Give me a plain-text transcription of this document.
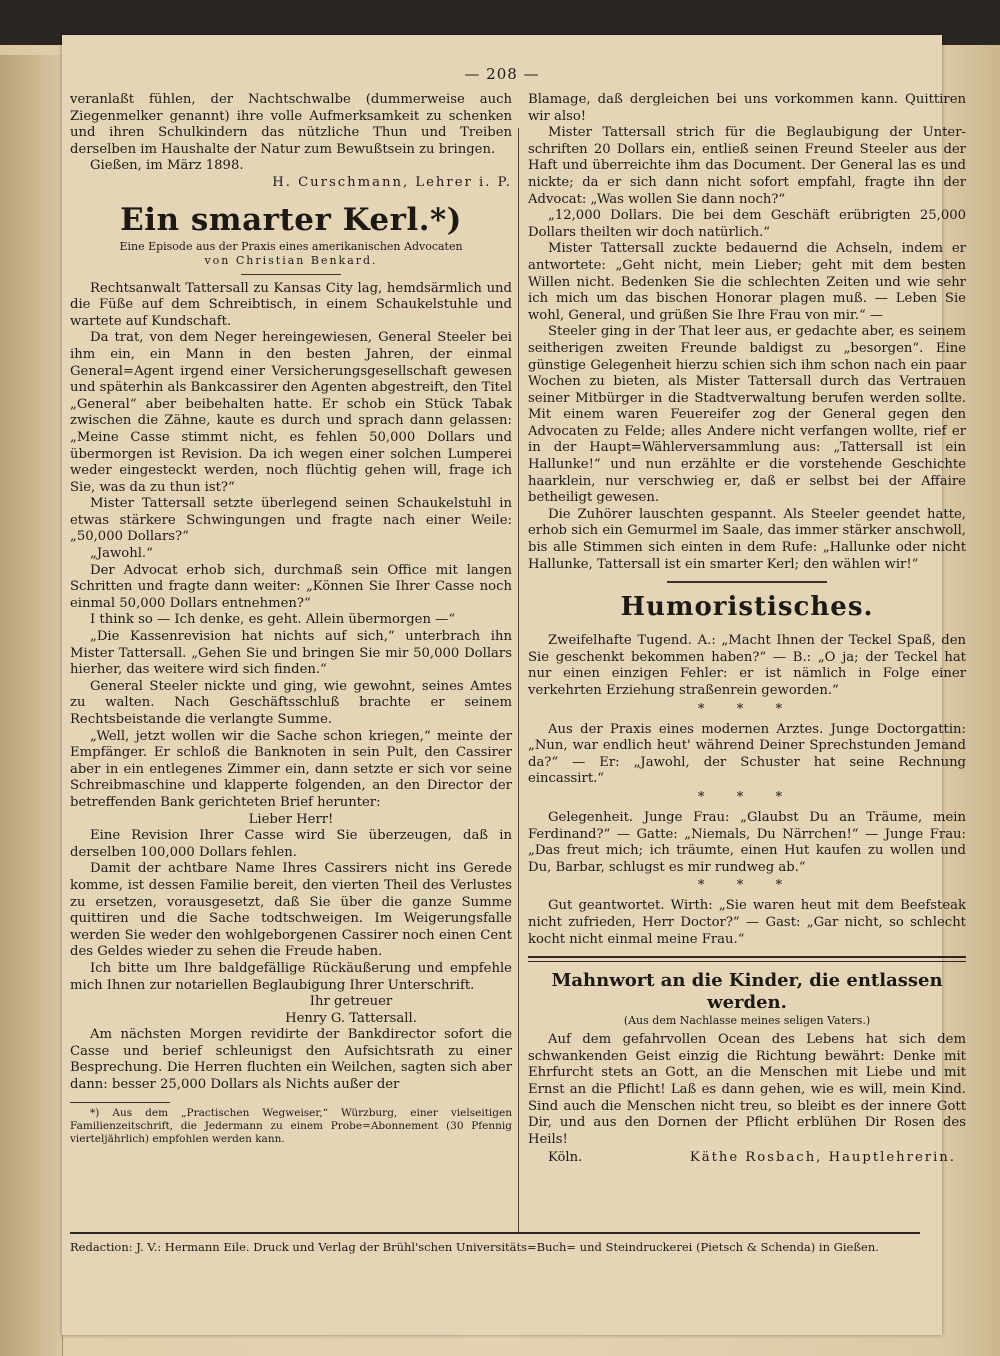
— 208 —

veranlaßt fühlen, der Nachtschwalbe (dummerweise auch Ziegenmelker genannt) ihre volle Aufmerksamkeit zu schenken und ihren Schulkindern das nützliche Thun und Treiben derselben im Haushalte der Natur zum Bewußtsein zu bringen.

Gießen, im März 1898.

H. Curschmann, Lehrer i. P.

Ein smarter Kerl.*)
Eine Episode aus der Praxis eines amerikanischen Advocaten
von Christian Benkard.

Rechtsanwalt Tattersall zu Kansas City lag, hemdsärmlich und die Füße auf dem Schreibtisch, in einem Schaukelstuhle und wartete auf Kundschaft.

Da trat, von dem Neger hereingewiesen, General Steeler bei ihm ein, ein Mann in den besten Jahren, der einmal General=Agent irgend einer Versicherungsgesellschaft gewesen und späterhin als Bankcassirer den Agenten abgestreift, den Titel „General“ aber beibehalten hatte. Er schob ein Stück Tabak zwischen die Zähne, kaute es durch und sprach dann gelassen: „Meine Casse stimmt nicht, es fehlen 50,000 Dollars und übermorgen ist Revision. Da ich wegen einer solchen Lumperei weder eingesteckt werden, noch flüchtig gehen will, frage ich Sie, was da zu thun ist?“

Mister Tattersall setzte überlegend seinen Schaukelstuhl in etwas stärkere Schwingungen und fragte nach einer Weile: „50,000 Dollars?“

„Jawohl.“

Der Advocat erhob sich, durchmaß sein Office mit langen Schritten und fragte dann weiter: „Können Sie Ihrer Casse noch einmal 50,000 Dollars entnehmen?“

I think so — Ich denke, es geht. Allein übermorgen —“

„Die Kassenrevision hat nichts auf sich,“ unterbrach ihn Mister Tattersall. „Gehen Sie und bringen Sie mir 50,000 Dollars hierher, das weitere wird sich finden.“

General Steeler nickte und ging, wie gewohnt, seines Amtes zu walten. Nach Geschäftsschluß brachte er seinem Rechtsbeistande die verlangte Summe.

„Well, jetzt wollen wir die Sache schon kriegen,“ meinte der Empfänger. Er schloß die Banknoten in sein Pult, den Cassirer aber in ein entlegenes Zimmer ein, dann setzte er sich vor seine Schreibmaschine und klapperte folgenden, an den Director der betreffenden Bank gerichteten Brief herunter:

Lieber Herr!

Eine Revision Ihrer Casse wird Sie überzeugen, daß in derselben 100,000 Dollars fehlen.

Damit der achtbare Name Ihres Cassirers nicht ins Gerede komme, ist dessen Familie bereit, den vierten Theil des Verlustes zu ersetzen, vorausgesetzt, daß Sie über die ganze Summe quittiren und die Sache todtschweigen. Im Weigerungsfalle werden Sie weder den wohlgeborgenen Cassirer noch einen Cent des Geldes wieder zu sehen die Freude haben.

Ich bitte um Ihre baldgefällige Rückäußerung und empfehle mich Ihnen zur notariellen Beglaubigung Ihrer Unterschrift.

Ihr getreuer

Henry G. Tattersall.

Am nächsten Morgen revidirte der Bankdirector sofort die Casse und berief schleunigst den Aufsichtsrath zu einer Besprechung. Die Herren fluchten ein Weilchen, sagten sich aber dann: besser 25,000 Dollars als Nichts außer der

*) Aus dem „Practischen Wegweiser,“ Würzburg, einer vielseitigen Familienzeitschrift, die Jedermann zu einem Probe=Abonnement (30 Pfennig vierteljährlich) empfohlen werden kann.

Blamage, daß dergleichen bei uns vorkommen kann. Quittiren wir also!

Mister Tattersall strich für die Beglaubigung der Unterschriften 20 Dollars ein, entließ seinen Freund Steeler aus der Haft und überreichte ihm das Document. Der General las es und nickte; da er sich dann nicht sofort empfahl, fragte ihn der Advocat: „Was wollen Sie dann noch?“

„12,000 Dollars. Die bei dem Geschäft erübrigten 25,000 Dollars theilten wir doch natürlich.“

Mister Tattersall zuckte bedauernd die Achseln, indem er antwortete: „Geht nicht, mein Lieber; geht mit dem besten Willen nicht. Bedenken Sie die schlechten Zeiten und wie sehr ich mich um das bischen Honorar plagen muß. — Leben Sie wohl, General, und grüßen Sie Ihre Frau von mir.“ —

Steeler ging in der That leer aus, er gedachte aber, es seinem seitherigen zweiten Freunde baldigst zu „besorgen“. Eine günstige Gelegenheit hierzu schien sich ihm schon nach ein paar Wochen zu bieten, als Mister Tattersall durch das Vertrauen seiner Mitbürger in die Stadtverwaltung berufen werden sollte. Mit einem waren Feuereifer zog der General gegen den Advocaten zu Felde; alles Andere nicht verfangen wollte, rief er in der Haupt=Wählerversammlung aus: „Tattersall ist ein Hallunke!“ und nun erzählte er die vorstehende Geschichte haarklein, nur verschwieg er, daß er selbst bei der Affaire betheiligt gewesen.

Die Zuhörer lauschten gespannt. Als Steeler geendet hatte, erhob sich ein Gemurmel im Saale, das immer stärker anschwoll, bis alle Stimmen sich einten in dem Rufe: „Hallunke oder nicht Hallunke, Tattersall ist ein smarter Kerl; den wählen wir!“

Humoristisches.

Zweifelhafte Tugend. A.: „Macht Ihnen der Teckel Spaß, den Sie geschenkt bekommen haben?“ — B.: „O ja; der Teckel hat nur einen einzigen Fehler: er ist nämlich in Folge einer verkehrten Erziehung straßenrein geworden.“

* * *

Aus der Praxis eines modernen Arztes. Junge Doctorgattin: „Nun, war endlich heut' während Deiner Sprechstunden Jemand da?“ — Er: „Jawohl, der Schuster hat seine Rechnung eincassirt.“

* * *

Gelegenheit. Junge Frau: „Glaubst Du an Träume, mein Ferdinand?“ — Gatte: „Niemals, Du Närrchen!“ — Junge Frau: „Das freut mich; ich träumte, einen Hut kaufen zu wollen und Du, Barbar, schlugst es mir rundweg ab.“

* * *

Gut geantwortet. Wirth: „Sie waren heut mit dem Beefsteak nicht zufrieden, Herr Doctor?“ — Gast: „Gar nicht, so schlecht kocht nicht einmal meine Frau.“

Mahnwort an die Kinder, die entlassen werden.
(Aus dem Nachlasse meines seligen Vaters.)

Auf dem gefahrvollen Ocean des Lebens hat sich dem schwankenden Geist einzig die Richtung bewährt: Denke mit Ehrfurcht stets an Gott, an die Menschen mit Liebe und mit Ernst an die Pflicht! Laß es dann gehen, wie es will, mein Kind. Sind auch die Menschen nicht treu, so bleibt es der innere Gott Dir, und aus den Dornen der Pflicht erblühen Dir Rosen des Heils!

Köln.	Käthe Rosbach, Hauptlehrerin.
Redaction: J. V.: Hermann Eile. Druck und Verlag der Brühl'schen Universitäts=Buch= und Steindruckerei (Pietsch & Schenda) in Gießen.
